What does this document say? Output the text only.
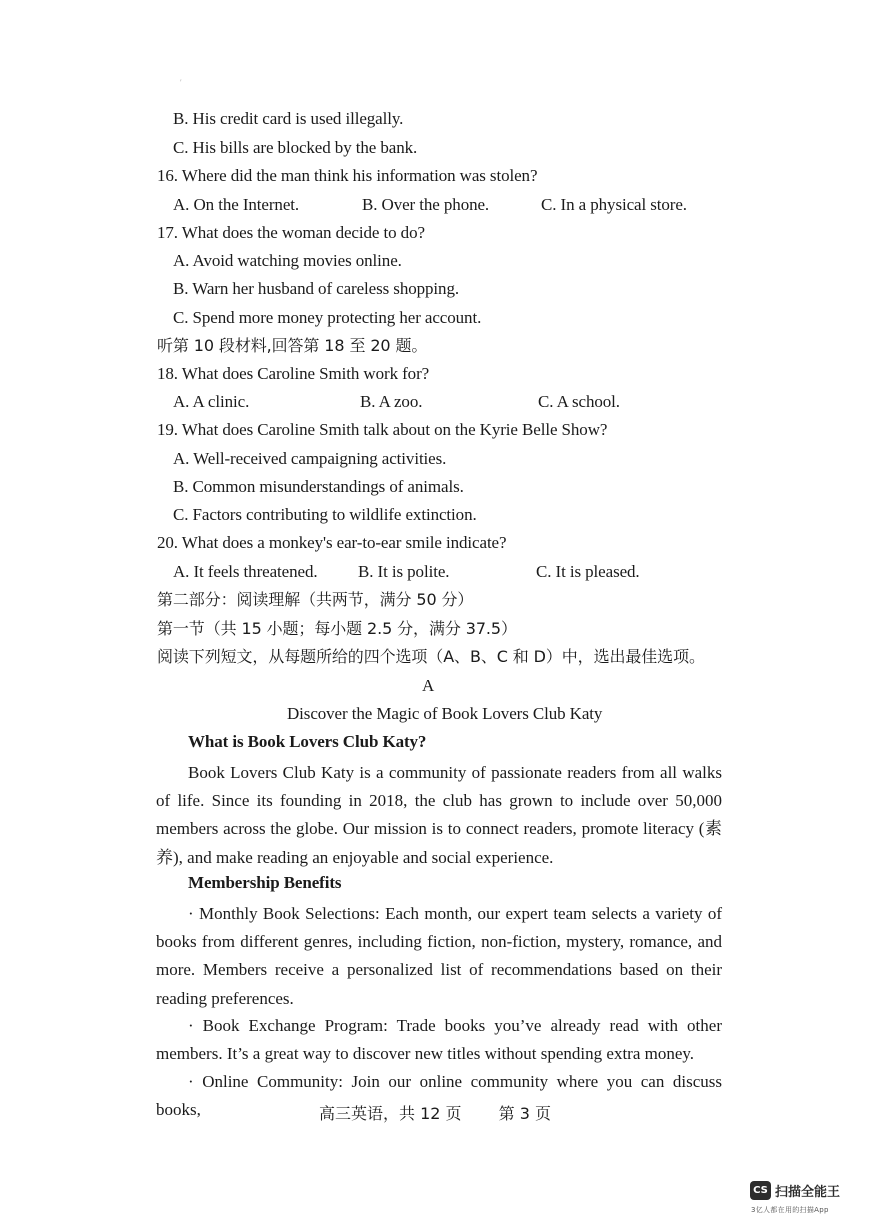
′
B. His credit card is used illegally.
C. His bills are blocked by the bank.
16. Where did the man think his information was stolen?
A. On the Internet.	B. Over the phone.	C. In a physical store.
17. What does the woman decide to do?
A. Avoid watching movies online.
B. Warn her husband of careless shopping.
C. Spend more money protecting her account.
听第 10 段材料,回答第 18 至 20 题。
18. What does Caroline Smith work for?
A. A clinic.	B. A zoo.	C. A school.
19. What does Caroline Smith talk about on the Kyrie Belle Show?
A. Well-received campaigning activities.
B. Common misunderstandings of animals.
C. Factors contributing to wildlife extinction.
20. What does a monkey's ear-to-ear smile indicate?
A. It feels threatened. B. It is polite.	C. It is pleased.
第二部分：阅读理解（共两节，满分 50 分）
第一节（共 15 小题；每小题 2.5 分，满分 37.5）
阅读下列短文，从每题所给的四个选项（A、B、C 和 D）中，选出最佳选项。
A
Discover the Magic of Book Lovers Club Katy
What is Book Lovers Club Katy?

Book Lovers Club Katy is a community of passionate readers from all walks of life. Since its founding in 2018, the club has grown to include over 50,000 members across the globe. Our mission is to connect readers, promote literacy (素养), and make reading an enjoyable and social experience.

Membership Benefits

· Monthly Book Selections: Each month, our expert team selects a variety of books from different genres, including fiction, non-fiction, mystery, romance, and more. Members receive a personalized list of recommendations based on their reading preferences.

· Book Exchange Program: Trade books you’ve already read with other members. It’s a great way to discover new titles without spending extra money.

· Online Community: Join our online community where you can discuss books,	高三英语，共 12 页 第 3 页
CS 扫描全能王
3亿人都在用的扫描App
